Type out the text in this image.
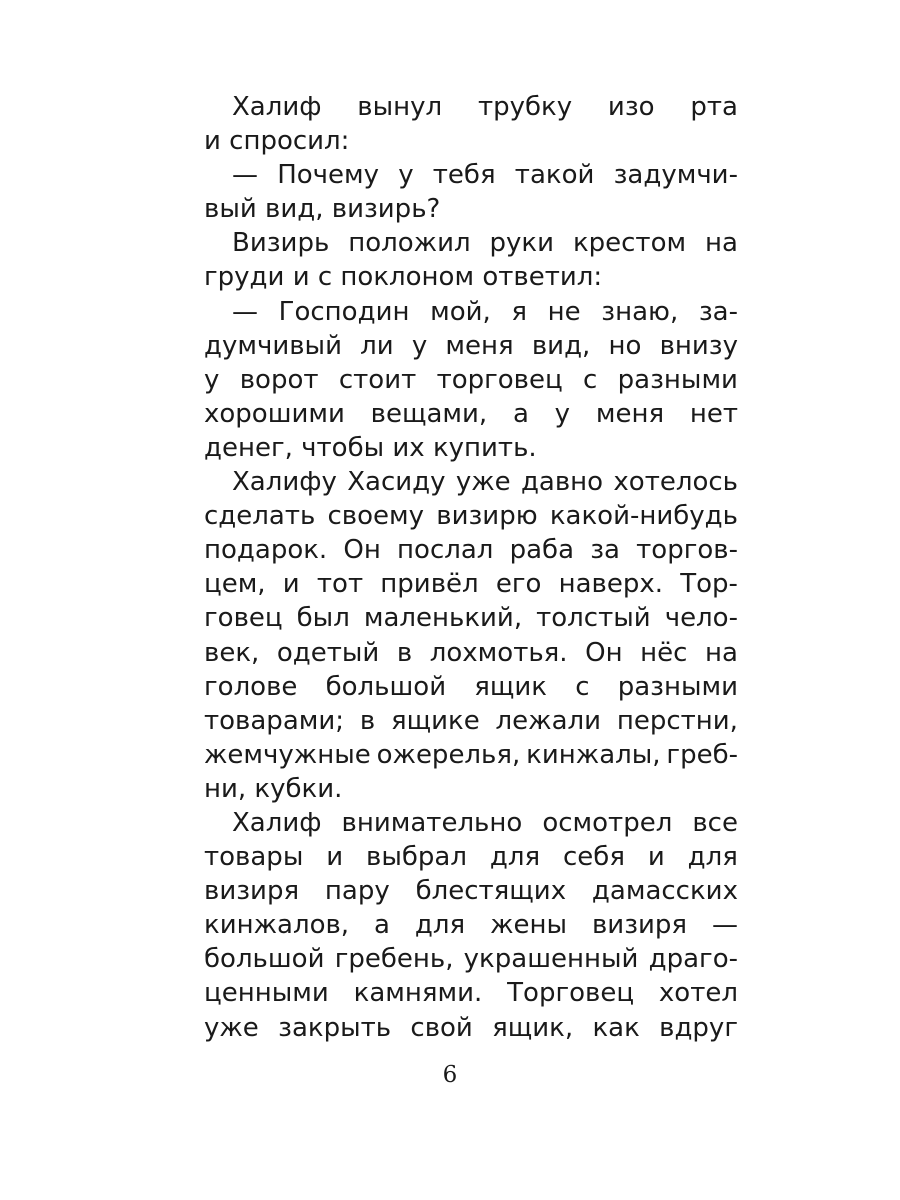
Халиф вынул трубку изо рта
и спросил:
— Почему у тебя такой задумчи-
вый вид, визирь?
Визирь положил руки крестом на
груди и с поклоном ответил:
— Господин мой, я не знаю, за-
думчивый ли у меня вид, но внизу
у ворот стоит торговец с разными
хорошими вещами, а у меня нет
денег, чтобы их купить.
Халифу Хасиду уже давно хотелось
сделать своему визирю какой-нибудь
подарок. Он послал раба за торгов-
цем, и тот привёл его наверх. Тор-
говец был маленький, толстый чело-
век, одетый в лохмотья. Он нёс на
голове большой ящик с разными
товарами; в ящике лежали перстни,
жемчужные ожерелья, кинжалы, греб-
ни, кубки.
Халиф внимательно осмотрел все
товары и выбрал для себя и для
визиря пару блестящих дамасских
кинжалов, а для жены визиря —
большой гребень, украшенный драго-
ценными камнями. Торговец хотел
уже закрыть свой ящик, как вдруг
6
